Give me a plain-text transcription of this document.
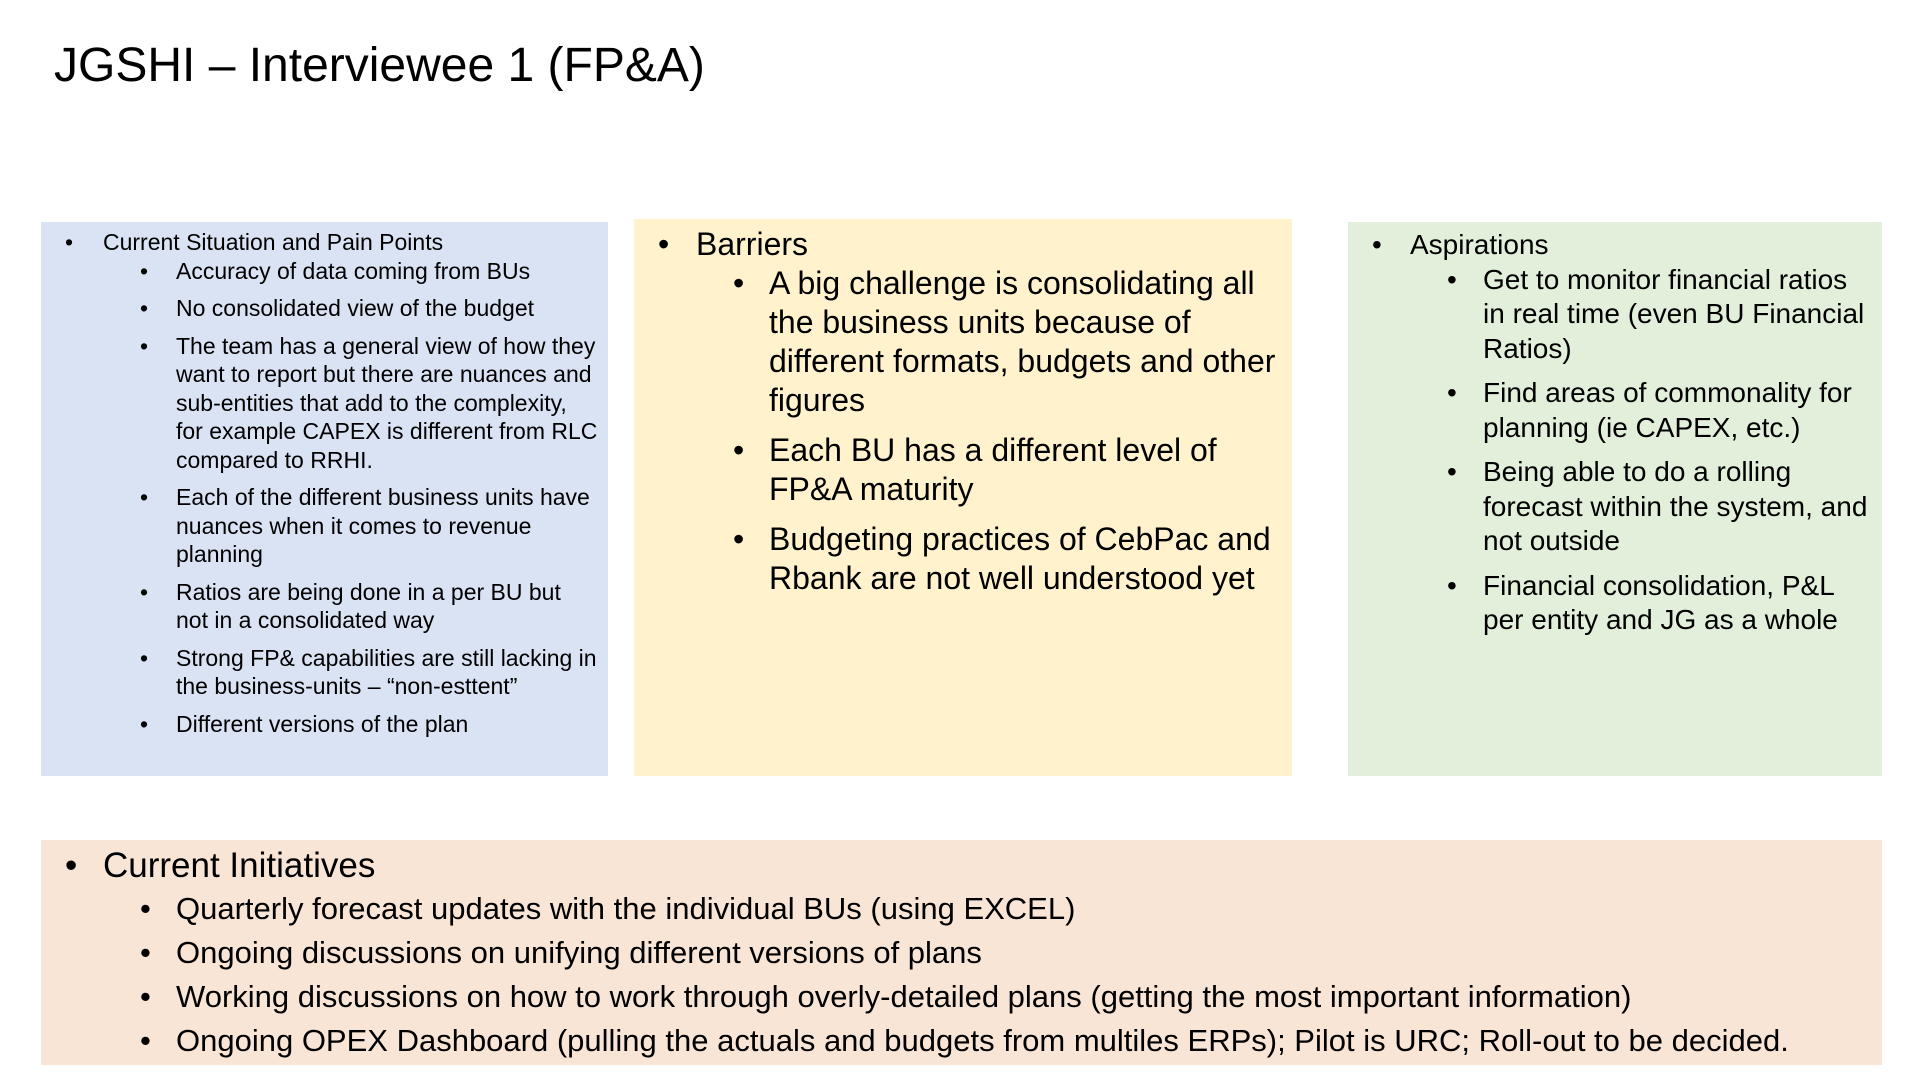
JGSHI – Interviewee 1 (FP&A)
• Current Situation and Pain Points
• Accuracy of data coming from BUs
• No consolidated view of the budget
• The team has a general view of how they want to report but there are nuances and sub-entities that add to the complexity, for example CAPEX is different from RLC compared to RRHI.
• Each of the different business units have nuances when it comes to revenue planning
• Ratios are being done in a per BU but not in a consolidated way
• Strong FP& capabilities are still lacking in the business-units – “non-esttent”
• Different versions of the plan
• Barriers
• A big challenge is consolidating all the business units because of different formats, budgets and other figures
• Each BU has a different level of FP&A maturity
• Budgeting practices of CebPac and Rbank are not well understood yet
• Aspirations
• Get to monitor financial ratios in real time (even BU Financial Ratios)
• Find areas of commonality for planning (ie CAPEX, etc.)
• Being able to do a rolling forecast within the system, and not outside
• Financial consolidation, P&L per entity and JG as a whole
• Current Initiatives
• Quarterly forecast updates with the individual BUs (using EXCEL)
• Ongoing discussions on unifying different versions of plans
• Working discussions on how to work through overly-detailed plans (getting the most important information)
• Ongoing OPEX Dashboard (pulling the actuals and budgets from multiles ERPs); Pilot is URC; Roll-out to be decided.
